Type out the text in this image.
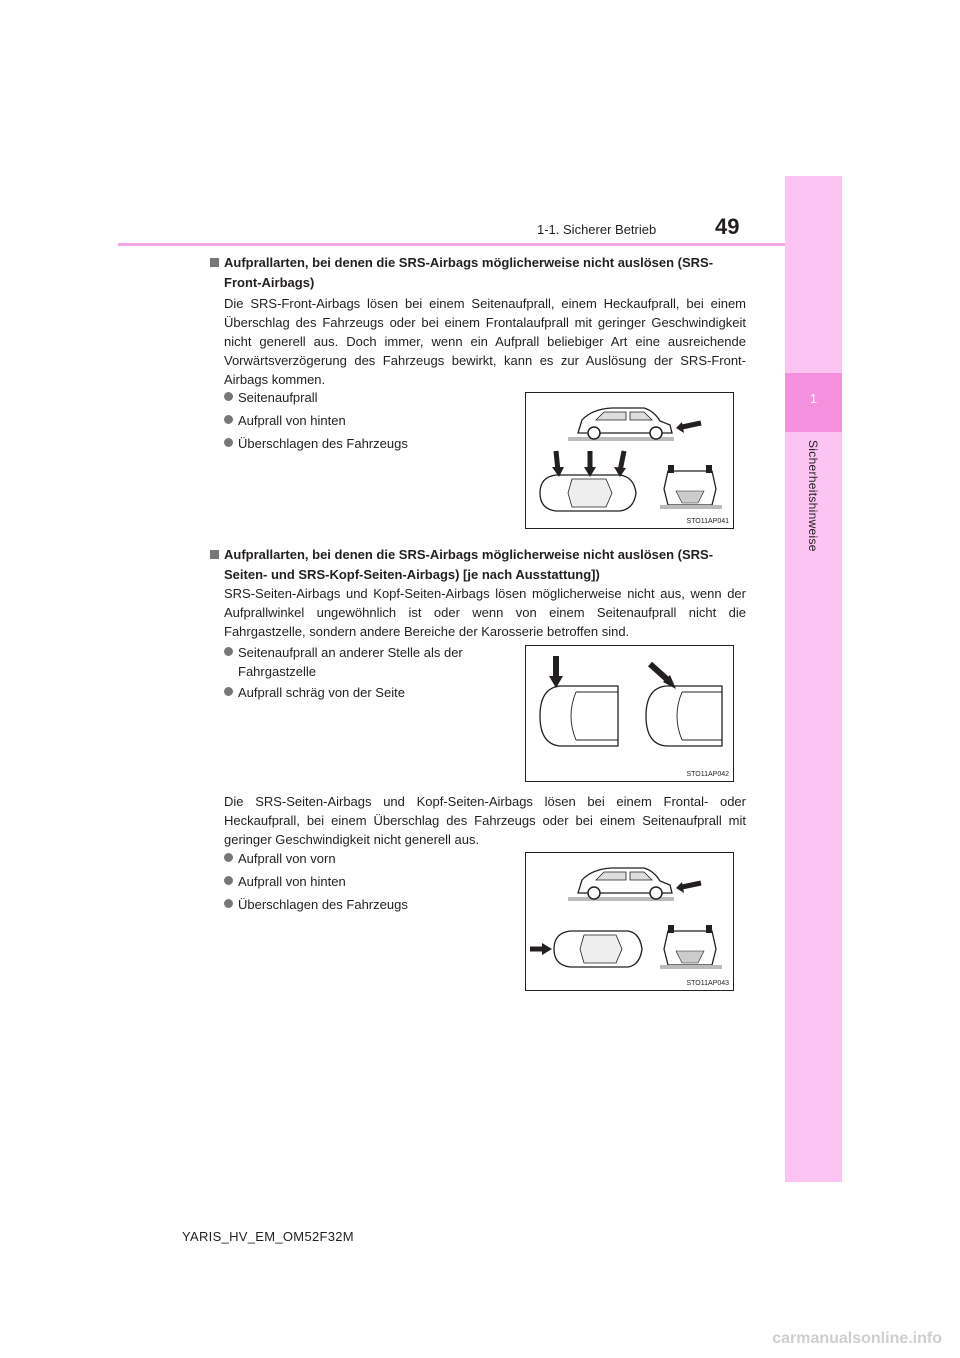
1-1. Sicherer Betrieb	49
1
Sicherheitshinweise
Aufprallarten, bei denen die SRS-Airbags möglicherweise nicht auslösen (SRS-Front-Airbags)
Die SRS-Front-Airbags lösen bei einem Seitenaufprall, einem Heckaufprall, bei einem Überschlag des Fahrzeugs oder bei einem Frontalaufprall mit geringer Geschwindigkeit nicht generell aus. Doch immer, wenn ein Aufprall beliebiger Art eine ausreichende Vorwärtsverzögerung des Fahrzeugs bewirkt, kann es zur Auslösung der SRS-Front-Airbags kommen.
Seitenaufprall
Aufprall von hinten
Überschlagen des Fahrzeugs
STO11AP041
Aufprallarten, bei denen die SRS-Airbags möglicherweise nicht auslösen (SRS-Seiten- und SRS-Kopf-Seiten-Airbags) [je nach Ausstattung])
SRS-Seiten-Airbags und Kopf-Seiten-Airbags lösen möglicherweise nicht aus, wenn der Aufprallwinkel ungewöhnlich ist oder wenn von einem Seitenaufprall nicht die Fahrgastzelle, sondern andere Bereiche der Karosserie betroffen sind.
Seitenaufprall an anderer Stelle als der Fahrgastzelle
Aufprall schräg von der Seite
STO11AP042
Die SRS-Seiten-Airbags und Kopf-Seiten-Airbags lösen bei einem Frontal- oder Heckaufprall, bei einem Überschlag des Fahrzeugs oder bei einem Seitenaufprall mit geringer Geschwindigkeit nicht generell aus.
Aufprall von vorn
Aufprall von hinten
Überschlagen des Fahrzeugs
STO11AP043
YARIS_HV_EM_OM52F32M
carmanualsonline.info
